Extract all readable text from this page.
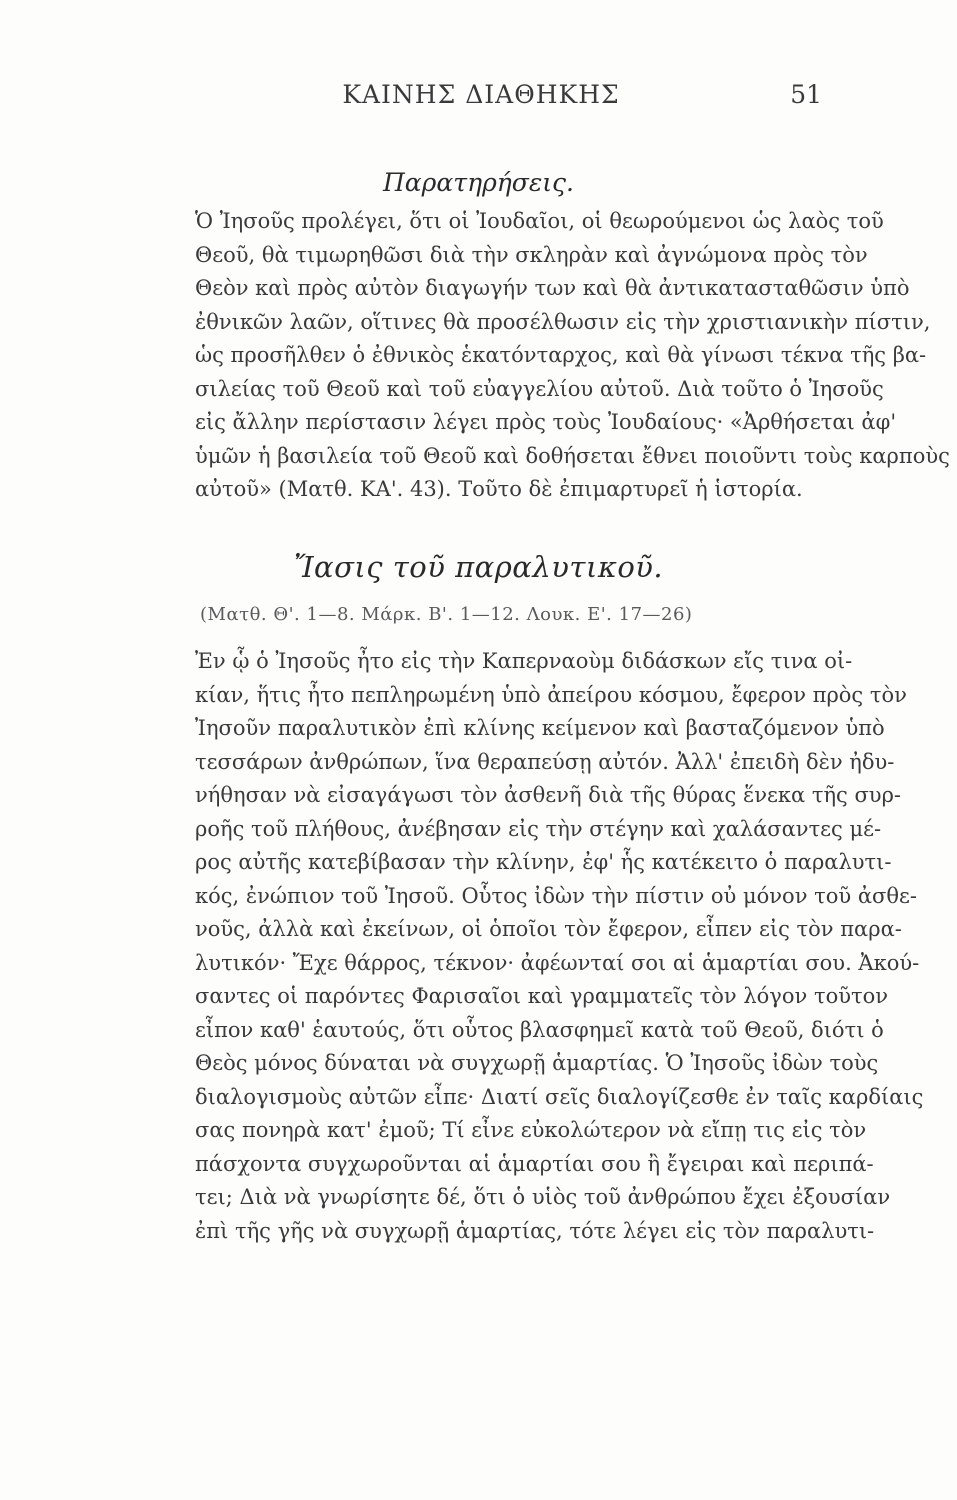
ΚΑΙΝΗΣ ΔΙΑΘΗΚΗΣ	51
Παρατηρήσεις.
Ὁ Ἰησοῦς προλέγει, ὅτι οἱ Ἰουδαῖοι, οἱ θεωρούμενοι ὡς λαὸς τοῦ
Θεοῦ, θὰ τιμωρηθῶσι διὰ τὴν σκληρὰν καὶ ἀγνώμονα πρὸς τὸν
Θεὸν καὶ πρὸς αὐτὸν διαγωγήν των καὶ θὰ ἀντικατασταθῶσιν ὑπὸ
ἐθνικῶν λαῶν, οἵτινες θὰ προσέλθωσιν εἰς τὴν χριστιανικὴν πίστιν,
ὡς προσῆλθεν ὁ ἐθνικὸς ἑκατόνταρχος, καὶ θὰ γίνωσι τέκνα τῆς βα-
σιλείας τοῦ Θεοῦ καὶ τοῦ εὐαγγελίου αὐτοῦ. Διὰ τοῦτο ὁ Ἰησοῦς
εἰς ἄλλην περίστασιν λέγει πρὸς τοὺς Ἰουδαίους· «Ἀρθήσεται ἀφ'
ὑμῶν ἡ βασιλεία τοῦ Θεοῦ καὶ δοθήσεται ἔθνει ποιοῦντι τοὺς καρποὺς
αὐτοῦ» (Ματθ. ΚΑ'. 43). Τοῦτο δὲ ἐπιμαρτυρεῖ ἡ ἱστορία.
Ἴασις τοῦ παραλυτικοῦ.
(Ματθ. Θ'. 1—8. Μάρκ. Β'. 1—12. Λουκ. Ε'. 17—26)
Ἐν ᾧ ὁ Ἰησοῦς ἦτο εἰς τὴν Καπερναοὺμ διδάσκων εἴς τινα οἰ-
κίαν, ἥτις ἦτο πεπληρωμένη ὑπὸ ἀπείρου κόσμου, ἔφερον πρὸς τὸν
Ἰησοῦν παραλυτικὸν ἐπὶ κλίνης κείμενον καὶ βασταζόμενον ὑπὸ
τεσσάρων ἀνθρώπων, ἵνα θεραπεύσῃ αὐτόν. Ἀλλ' ἐπειδὴ δὲν ἠδυ-
νήθησαν νὰ εἰσαγάγωσι τὸν ἀσθενῆ διὰ τῆς θύρας ἕνεκα τῆς συρ-
ροῆς τοῦ πλήθους, ἀνέβησαν εἰς τὴν στέγην καὶ χαλάσαντες μέ-
ρος αὐτῆς κατεβίβασαν τὴν κλίνην, ἐφ' ἧς κατέκειτο ὁ παραλυτι-
κός, ἐνώπιον τοῦ Ἰησοῦ. Οὗτος ἰδὼν τὴν πίστιν οὐ μόνον τοῦ ἀσθε-
νοῦς, ἀλλὰ καὶ ἐκείνων, οἱ ὁποῖοι τὸν ἔφερον, εἶπεν εἰς τὸν παρα-
λυτικόν· Ἔχε θάρρος, τέκνον· ἀφέωνταί σοι αἱ ἁμαρτίαι σου. Ἀκού-
σαντες οἱ παρόντες Φαρισαῖοι καὶ γραμματεῖς τὸν λόγον τοῦτον
εἶπον καθ' ἑαυτούς, ὅτι οὗτος βλασφημεῖ κατὰ τοῦ Θεοῦ, διότι ὁ
Θεὸς μόνος δύναται νὰ συγχωρῇ ἁμαρτίας. Ὁ Ἰησοῦς ἰδὼν τοὺς
διαλογισμοὺς αὐτῶν εἶπε· Διατί σεῖς διαλογίζεσθε ἐν ταῖς καρδίαις
σας πονηρὰ κατ' ἐμοῦ; Τί εἶνε εὐκολώτερον νὰ εἴπῃ τις εἰς τὸν
πάσχοντα συγχωροῦνται αἱ ἁμαρτίαι σου ἢ ἔγειραι καὶ περιπά-
τει; Διὰ νὰ γνωρίσητε δέ, ὅτι ὁ υἱὸς τοῦ ἀνθρώπου ἔχει ἐξουσίαν
ἐπὶ τῆς γῆς νὰ συγχωρῇ ἁμαρτίας, τότε λέγει εἰς τὸν παραλυτι-
